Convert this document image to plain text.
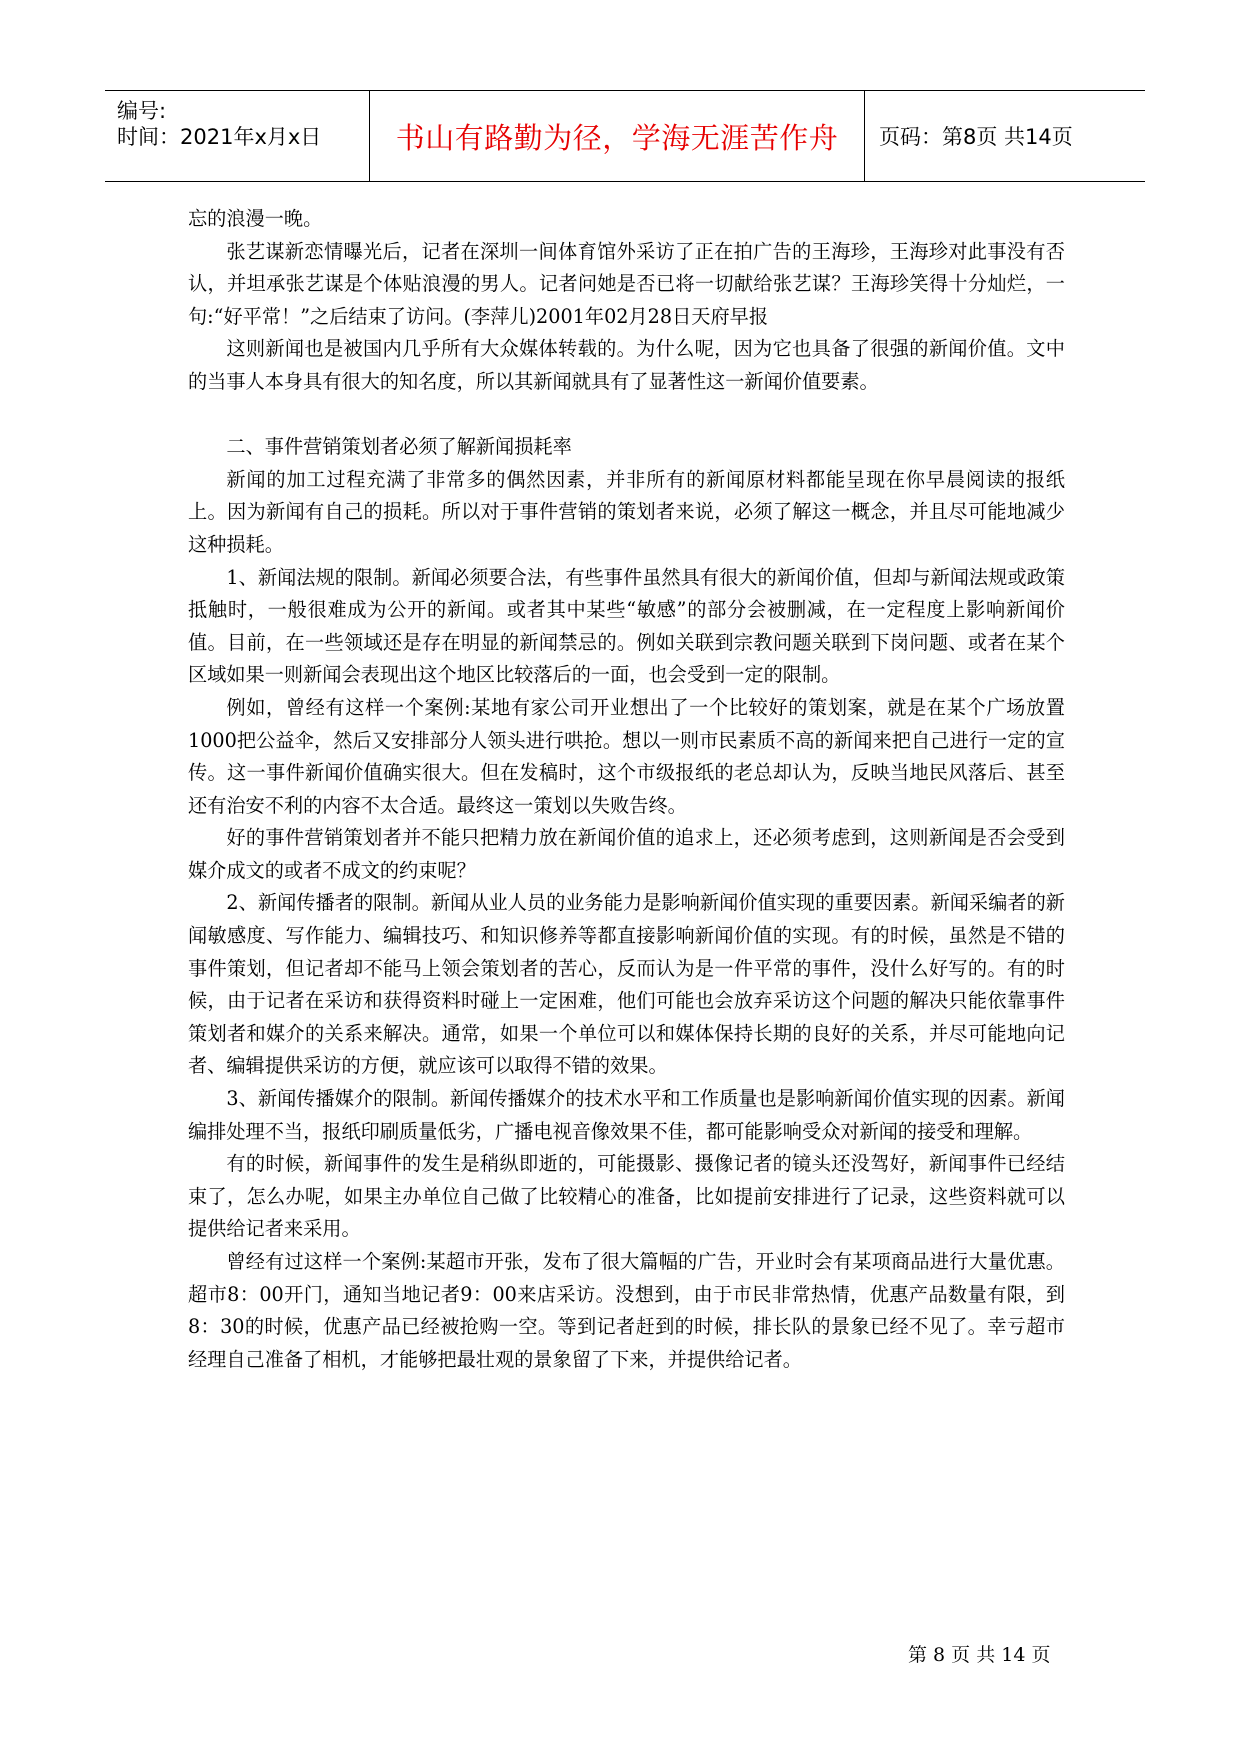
编号:
时间：2021年x月x日	书山有路勤为径，学海无涯苦作舟 页码：第8页 共14页

忘的浪漫一晚。

张艺谋新恋情曝光后，记者在深圳一间体育馆外采访了正在拍广告的王海珍，王海珍对此事没有否认，并坦承张艺谋是个体贴浪漫的男人。记者问她是否已将一切献给张艺谋？王海珍笑得十分灿烂，一句:“好平常！”之后结束了访问。(李萍儿)2001年02月28日天府早报

这则新闻也是被国内几乎所有大众媒体转载的。为什么呢，因为它也具备了很强的新闻价值。文中的当事人本身具有很大的知名度，所以其新闻就具有了显著性这一新闻价值要素。

二、事件营销策划者必须了解新闻损耗率

新闻的加工过程充满了非常多的偶然因素，并非所有的新闻原材料都能呈现在你早晨阅读的报纸上。因为新闻有自己的损耗。所以对于事件营销的策划者来说，必须了解这一概念，并且尽可能地减少这种损耗。

1、新闻法规的限制。新闻必须要合法，有些事件虽然具有很大的新闻价值，但却与新闻法规或政策抵触时，一般很难成为公开的新闻。或者其中某些“敏感”的部分会被删减，在一定程度上影响新闻价值。目前，在一些领域还是存在明显的新闻禁忌的。例如关联到宗教问题关联到下岗问题、或者在某个区域如果一则新闻会表现出这个地区比较落后的一面，也会受到一定的限制。

例如，曾经有这样一个案例:某地有家公司开业想出了一个比较好的策划案，就是在某个广场放置1000把公益伞，然后又安排部分人领头进行哄抢。想以一则市民素质不高的新闻来把自己进行一定的宣传。这一事件新闻价值确实很大。但在发稿时，这个市级报纸的老总却认为，反映当地民风落后、甚至还有治安不利的内容不太合适。最终这一策划以失败告终。

好的事件营销策划者并不能只把精力放在新闻价值的追求上，还必须考虑到，这则新闻是否会受到媒介成文的或者不成文的约束呢？

2、新闻传播者的限制。新闻从业人员的业务能力是影响新闻价值实现的重要因素。新闻采编者的新闻敏感度、写作能力、编辑技巧、和知识修养等都直接影响新闻价值的实现。有的时候，虽然是不错的事件策划，但记者却不能马上领会策划者的苦心，反而认为是一件平常的事件，没什么好写的。有的时候，由于记者在采访和获得资料时碰上一定困难，他们可能也会放弃采访这个问题的解决只能依靠事件策划者和媒介的关系来解决。通常，如果一个单位可以和媒体保持长期的良好的关系，并尽可能地向记者、编辑提供采访的方便，就应该可以取得不错的效果。

3、新闻传播媒介的限制。新闻传播媒介的技术水平和工作质量也是影响新闻价值实现的因素。新闻编排处理不当，报纸印刷质量低劣，广播电视音像效果不佳，都可能影响受众对新闻的接受和理解。

有的时候，新闻事件的发生是稍纵即逝的，可能摄影、摄像记者的镜头还没驾好，新闻事件已经结束了，怎么办呢，如果主办单位自己做了比较精心的准备，比如提前安排进行了记录，这些资料就可以提供给记者来采用。

曾经有过这样一个案例:某超市开张，发布了很大篇幅的广告，开业时会有某项商品进行大量优惠。超市8：00开门，通知当地记者9：00来店采访。没想到，由于市民非常热情，优惠产品数量有限，到8：30的时候，优惠产品已经被抢购一空。等到记者赶到的时候，排长队的景象已经不见了。幸亏超市经理自己准备了相机，才能够把最壮观的景象留了下来，并提供给记者。

第 8 页 共 14 页
